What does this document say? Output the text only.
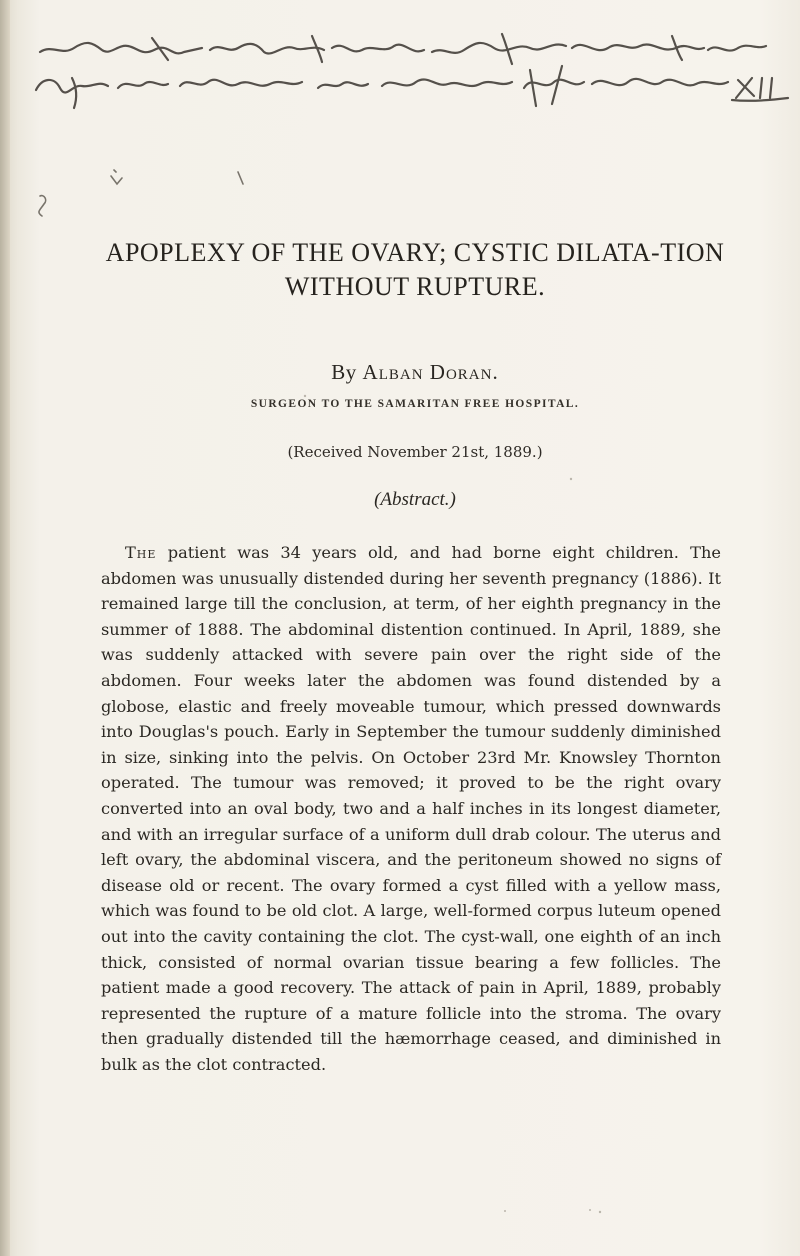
APOPLEXY OF THE OVARY; CYSTIC DILATA-TION WITHOUT RUPTURE.
By Alban Doran.
SURGEON TO THE SAMARITAN FREE HOSPITAL.
(Received November 21st, 1889.)
(Abstract.)

The patient was 34 years old, and had borne eight children. The abdomen was unusually distended during her seventh pregnancy (1886). It remained large till the conclusion, at term, of her eighth pregnancy in the summer of 1888. The abdominal distention continued. In April, 1889, she was suddenly attacked with severe pain over the right side of the abdomen. Four weeks later the abdomen was found distended by a globose, elastic and freely moveable tumour, which pressed downwards into Douglas's pouch. Early in September the tumour suddenly diminished in size, sinking into the pelvis. On October 23rd Mr. Knowsley Thornton operated. The tumour was removed; it proved to be the right ovary converted into an oval body, two and a half inches in its longest diameter, and with an irregular surface of a uniform dull drab colour. The uterus and left ovary, the abdominal viscera, and the peritoneum showed no signs of disease old or recent. The ovary formed a cyst filled with a yellow mass, which was found to be old clot. A large, well-formed corpus luteum opened out into the cavity containing the clot. The cyst-wall, one eighth of an inch thick, consisted of normal ovarian tissue bearing a few follicles. The patient made a good recovery. The attack of pain in April, 1889, probably represented the rupture of a mature follicle into the stroma. The ovary then gradually distended till the hæmorrhage ceased, and diminished in bulk as the clot contracted.
